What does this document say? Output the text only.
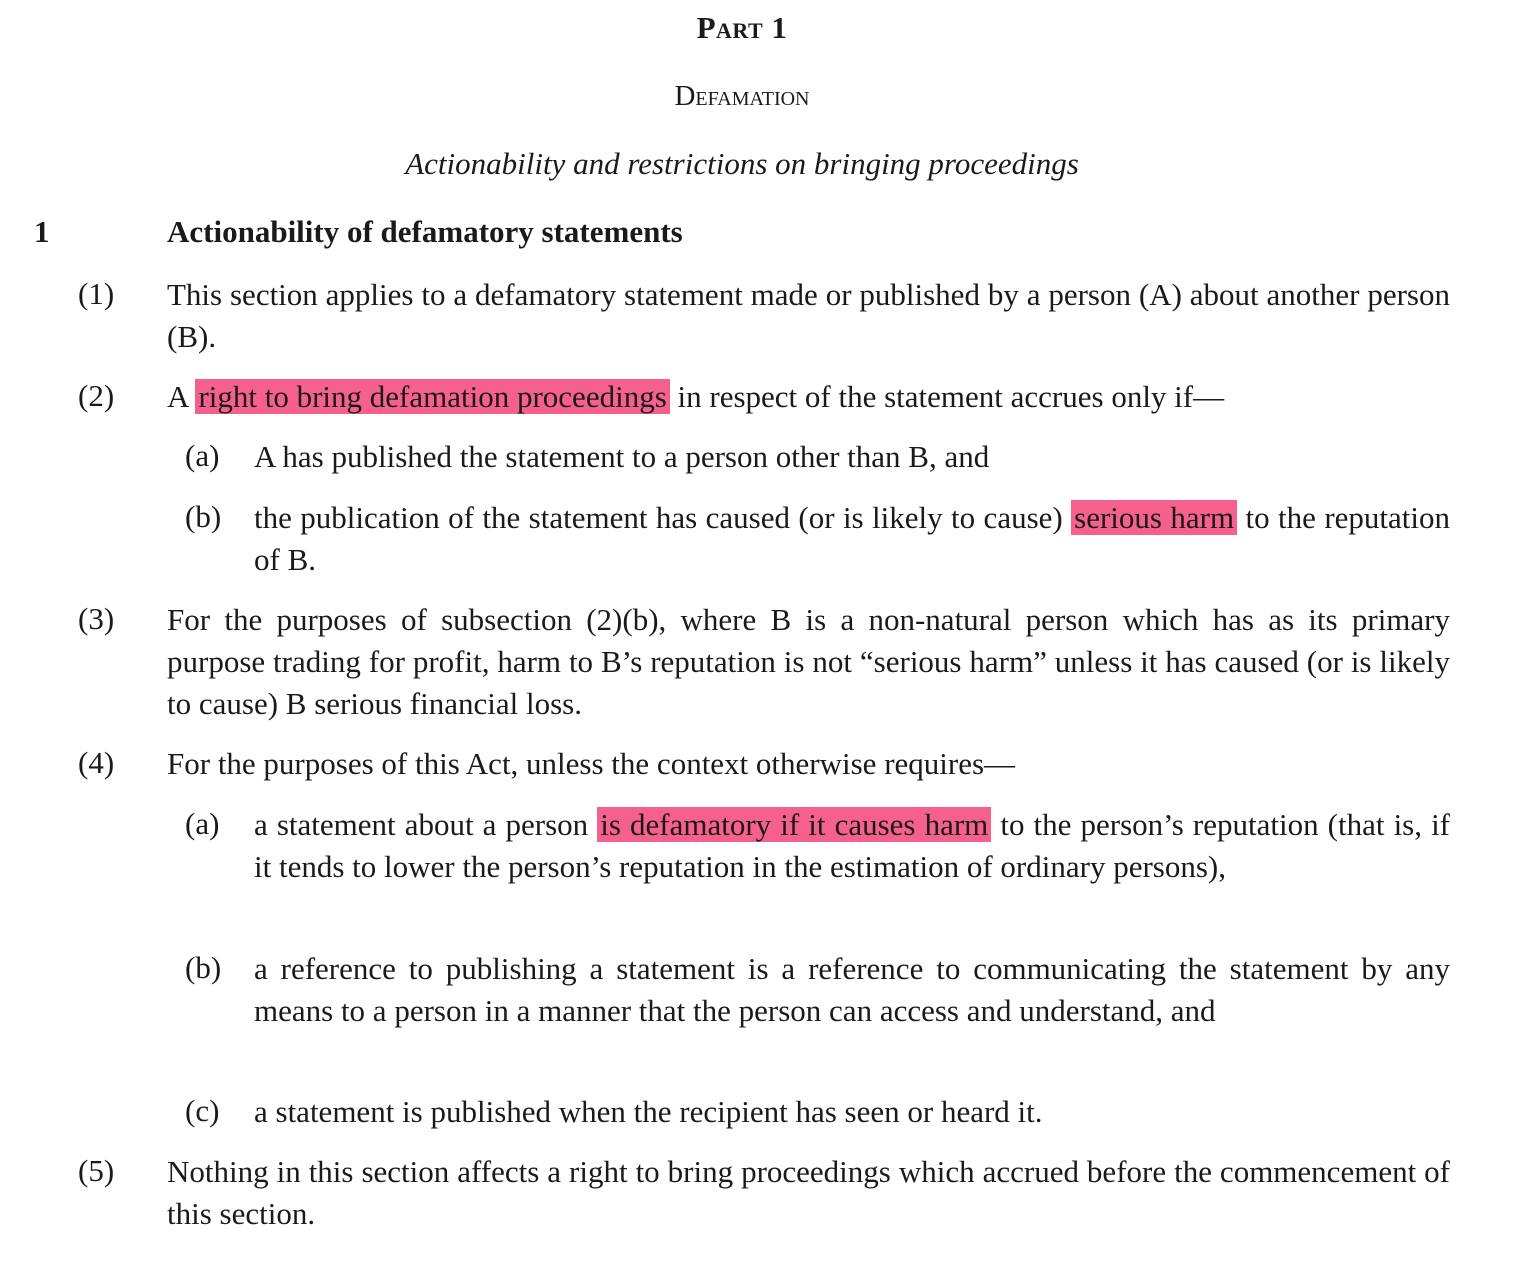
Part 1
Defamation
Actionability and restrictions on bringing proceedings
1	Actionability of defamatory statements
(1) This section applies to a defamatory statement made or published by a person (A) about another person (B).
(2) A right to bring defamation proceedings in respect of the statement accrues only if—
(a) A has published the statement to a person other than B, and
(b) the publication of the statement has caused (or is likely to cause) serious harm to the reputation of B.
(3) For the purposes of subsection (2)(b), where B is a non-natural person which has as its primary purpose trading for profit, harm to B’s reputation is not “serious harm” unless it has caused (or is likely to cause) B serious financial loss.
(4) For the purposes of this Act, unless the context otherwise requires—
(a) a statement about a person is defamatory if it causes harm to the person’s reputation (that is, if it tends to lower the person’s reputation in the estimation of ordinary persons),
(b) a reference to publishing a statement is a reference to communicating the statement by any means to a person in a manner that the person can access and understand, and
(c) a statement is published when the recipient has seen or heard it.
(5) Nothing in this section affects a right to bring proceedings which accrued before the commencement of this section.
